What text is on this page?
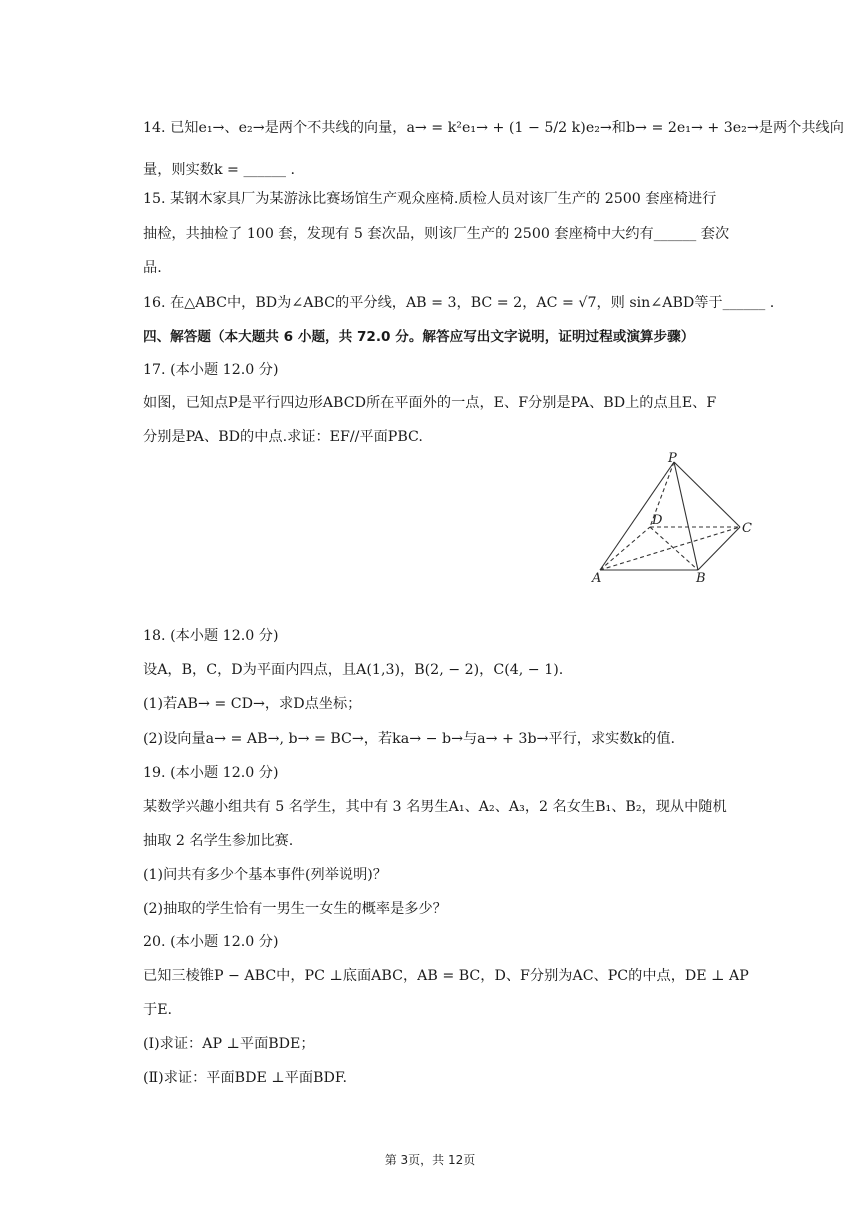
14. 已知e₁→、e₂→是两个不共线的向量，a→ = k²e₁→ + (1 − 5/2 k)e₂→和b→ = 2e₁→ + 3e₂→是两个共线向
量，则实数k = ______ .
15. 某钢木家具厂为某游泳比赛场馆生产观众座椅.质检人员对该厂生产的 2500 套座椅进行
抽检，共抽检了 100 套，发现有 5 套次品，则该厂生产的 2500 套座椅中大约有______ 套次
品.
16. 在△ABC中，BD为∠ABC的平分线，AB = 3，BC = 2，AC = √7，则 sin∠ABD等于______ .
四、解答题（本大题共 6 小题，共 72.0 分。解答应写出文字说明，证明过程或演算步骤）
17. (本小题 12.0 分)
如图，已知点P是平行四边形ABCD所在平面外的一点，E、F分别是PA、BD上的点且E、F
分别是PA、BD的中点.求证：EF//平面PBC.
P
D
C
A	B
18. (本小题 12.0 分)
设A，B，C，D为平面内四点，且A(1,3)，B(2, − 2)，C(4, − 1).
(1)若AB→ = CD→，求D点坐标；
(2)设向量a→ = AB→, b→ = BC→，若ka→ − b→与a→ + 3b→平行，求实数k的值.
19. (本小题 12.0 分)
某数学兴趣小组共有 5 名学生，其中有 3 名男生A₁、A₂、A₃，2 名女生B₁、B₂，现从中随机
抽取 2 名学生参加比赛.
(1)问共有多少个基本事件(列举说明)？
(2)抽取的学生恰有一男生一女生的概率是多少？
20. (本小题 12.0 分)
已知三棱锥P − ABC中，PC ⊥底面ABC，AB = BC，D、F分别为AC、PC的中点，DE ⊥ AP
于E.
(Ⅰ)求证：AP ⊥平面BDE；
(Ⅱ)求证：平面BDE ⊥平面BDF.
第 3页，共 12页
